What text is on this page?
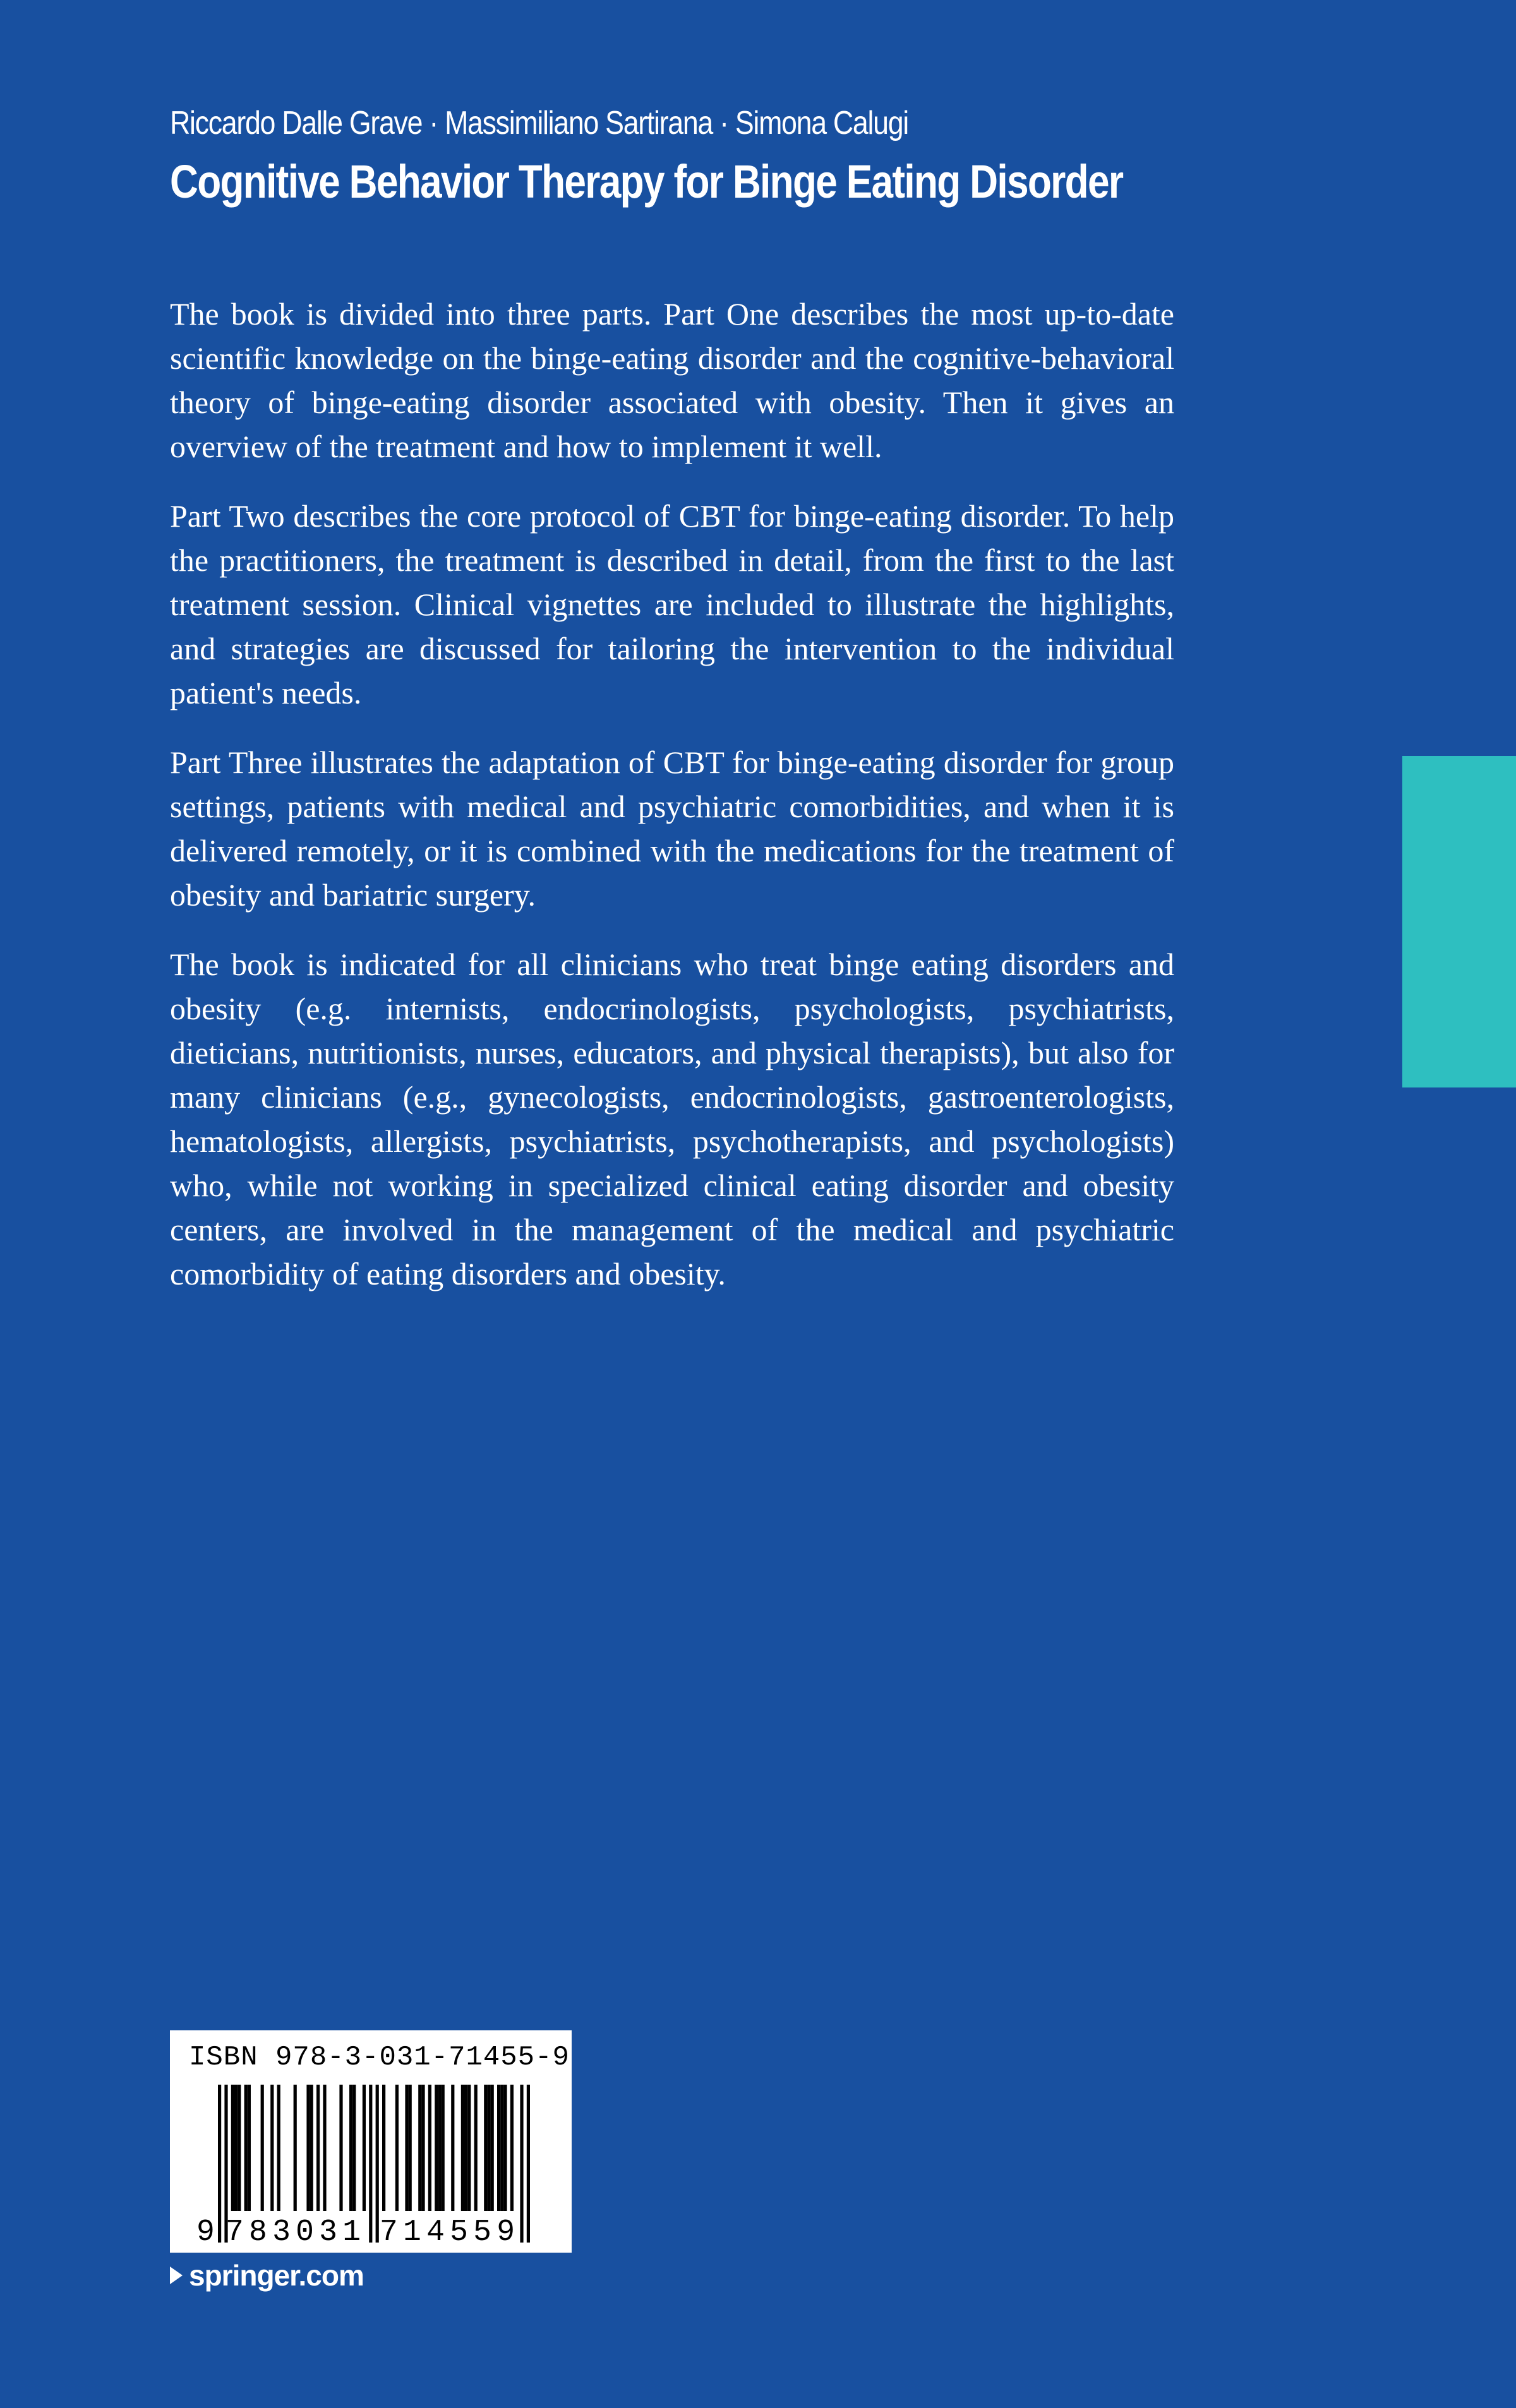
Riccardo Dalle Grave · Massimiliano Sartirana · Simona Calugi
Cognitive Behavior Therapy for Binge Eating Disorder

The book is divided into three parts. Part One describes the most up-to-date scientific knowledge on the binge-eating disorder and the cognitive-behavioral theory of binge-eating disorder associated with obesity. Then it gives an overview of the treatment and how to implement it well.

Part Two describes the core protocol of CBT for binge-eating disorder. To help the practitioners, the treatment is described in detail, from the first to the last treatment session. Clinical vignettes are included to illustrate the highlights, and strategies are discussed for tailoring the intervention to the individual patient's needs.

Part Three illustrates the adaptation of CBT for binge-eating disorder for group settings, patients with medical and psychiatric comorbidities, and when it is delivered remotely, or it is combined with the medications for the treatment of obesity and bariatric surgery.

The book is indicated for all clinicians who treat binge eating disorders and obesity (e.g. internists, endocrinologists, psychologists, psychiatrists, dieticians, nutritionists, nurses, educators, and physical therapists), but also for many clinicians (e.g., gynecologists, endocrinologists, gastroenterologists, hematologists, allergists, psychiatrists, psychotherapists, and psychologists) who, while not working in specialized clinical eating disorder and obesity centers, are involved in the management of the medical and psychiatric comorbidity of eating disorders and obesity.

ISBN 978-3-031-71455-9
9 783031 714559
springer.com
